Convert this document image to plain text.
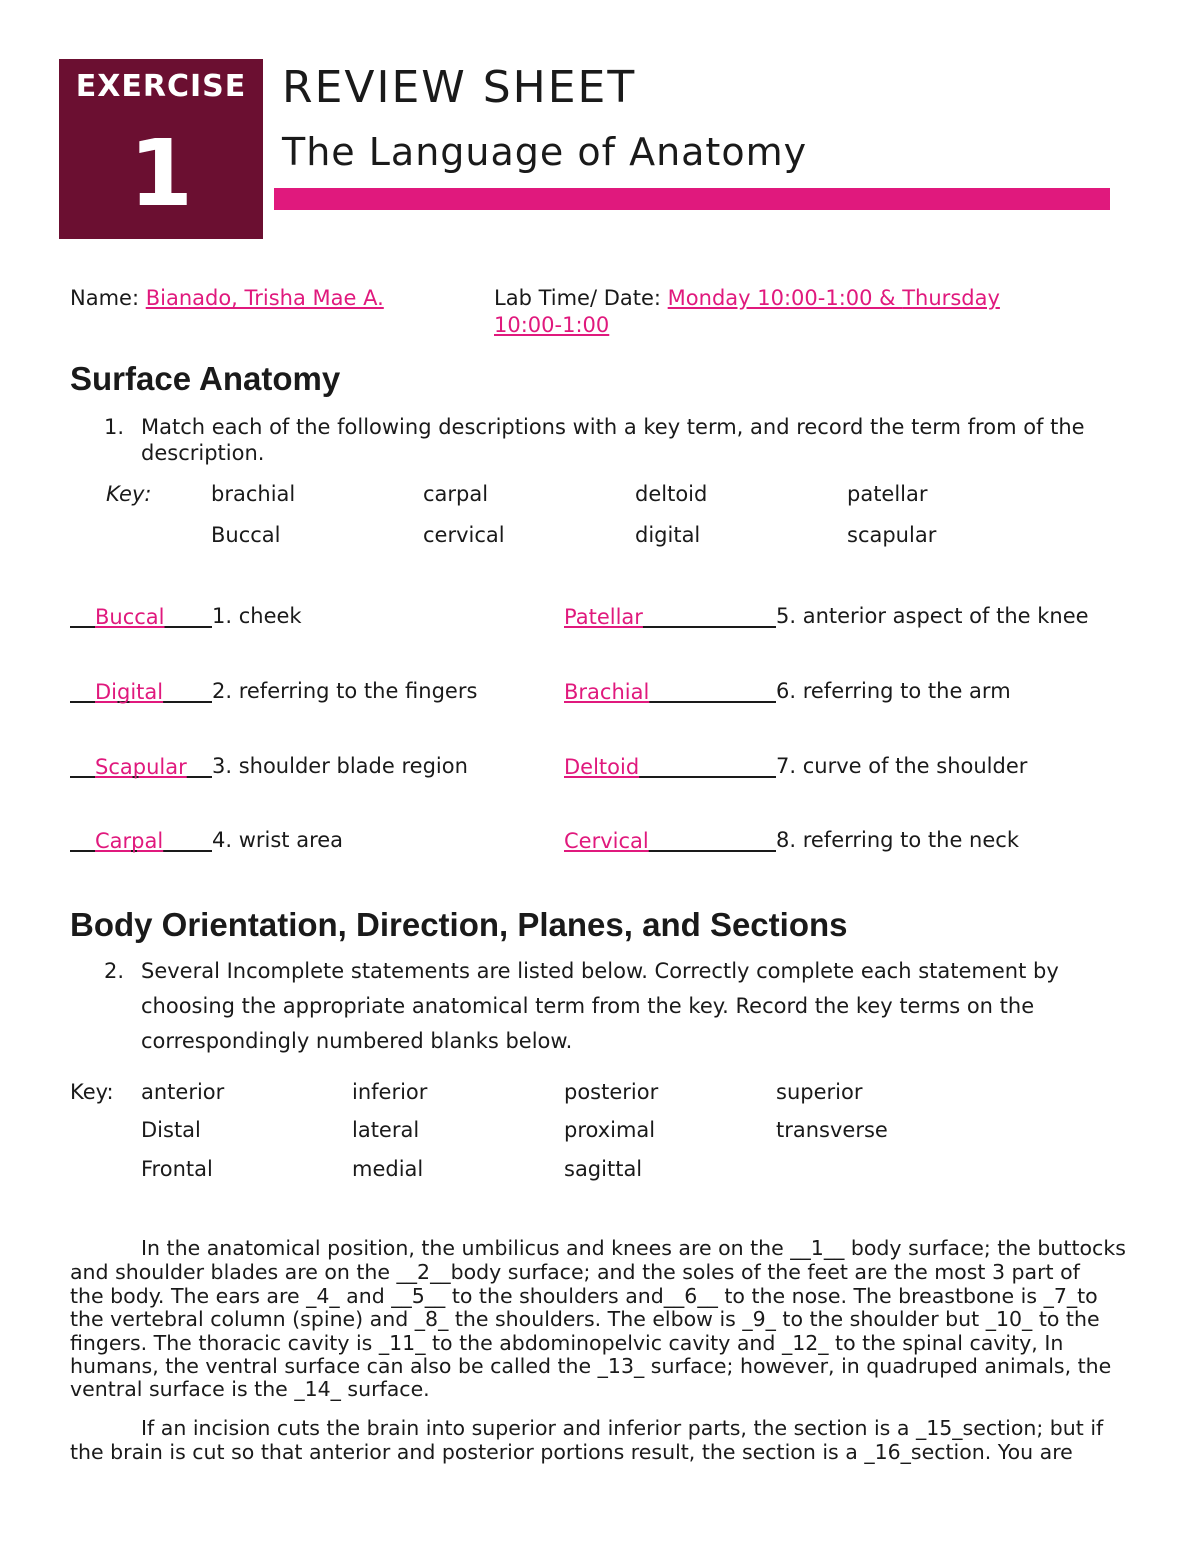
EXERCISE
1
REVIEW SHEET
The Language of Anatomy
Name: Bianado, Trisha Mae A.	Lab Time/ Date: Monday 10:00-1:00 & Thursday
10:00-1:00
Surface Anatomy
1. Match each of the following descriptions with a key term, and record the term from of the
description.
Key:	brachial	carpal	deltoid	patellar
Buccal	cervical	digital	scapular
Buccal 1. cheek
Digital 2. referring to the fingers
Scapular 3. shoulder blade region
Carpal 4. wrist area
Patellar	5. anterior aspect of the knee
Brachial	6. referring to the arm
Deltoid	7. curve of the shoulder
Cervical	8. referring to the neck
Body Orientation, Direction, Planes, and Sections
2. Several Incomplete statements are listed below. Correctly complete each statement by
choosing the appropriate anatomical term from the key. Record the key terms on the
correspondingly numbered blanks below.
Key: anterior	inferior	posterior	superior
Distal	lateral	proximal	transverse
Frontal	medial	sagittal
In the anatomical position, the umbilicus and knees are on the __1__ body surface; the buttocks
and shoulder blades are on the __2__body surface; and the soles of the feet are the most 3 part of
the body. The ears are _4_ and __5__ to the shoulders and__6__ to the nose. The breastbone is _7_to
the vertebral column (spine) and _8_ the shoulders. The elbow is _9_ to the shoulder but _10_ to the
fingers. The thoracic cavity is _11_ to the abdominopelvic cavity and _12_ to the spinal cavity, In
humans, the ventral surface can also be called the _13_ surface; however, in quadruped animals, the
ventral surface is the _14_ surface.
If an incision cuts the brain into superior and inferior parts, the section is a _15_section; but if
the brain is cut so that anterior and posterior portions result, the section is a _16_section. You are
